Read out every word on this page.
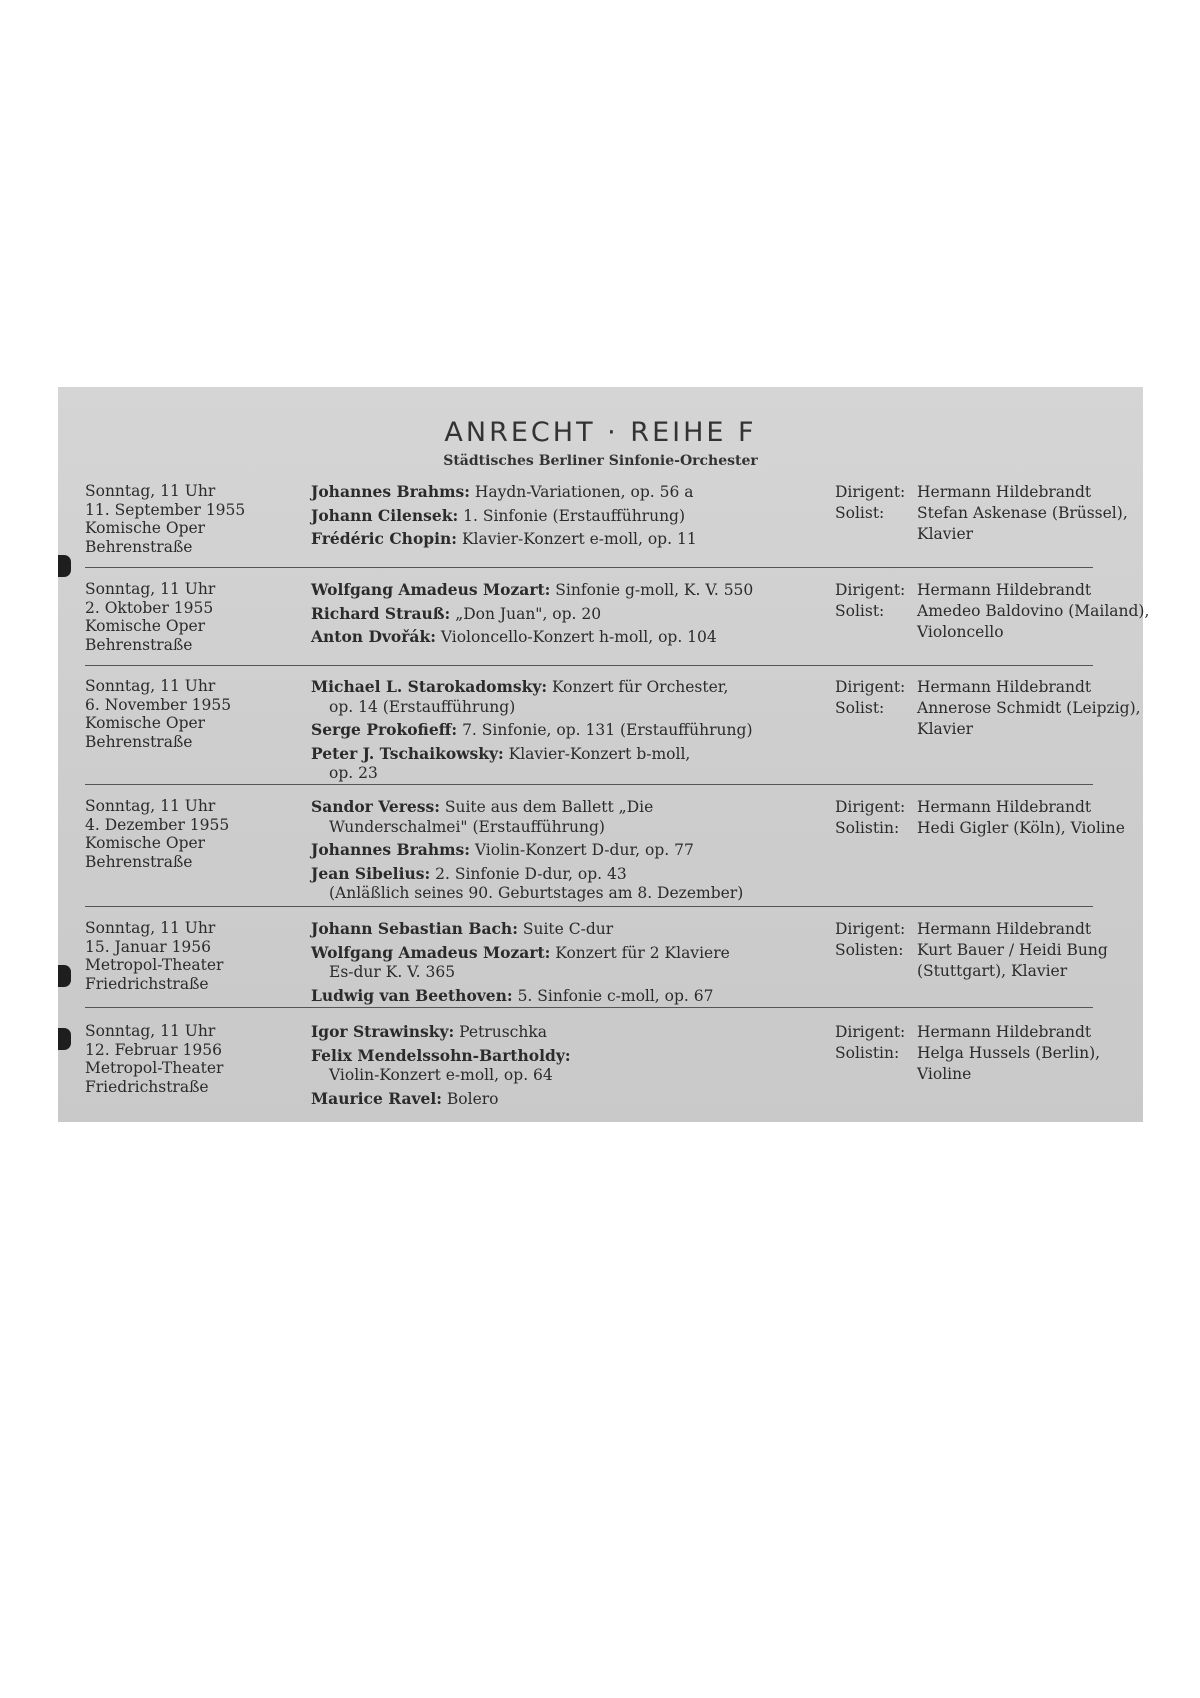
ANRECHT · REIHE F
Städtisches Berliner Sinfonie-Orchester
Sonntag, 11 Uhr
11. September 1955
Komische Oper
Behrenstraße
Johannes Brahms: Haydn-Variationen, op. 56 a
Johann Cilensek: 1. Sinfonie (Erstaufführung)
Frédéric Chopin: Klavier-Konzert e-moll, op. 11
Dirigent: Hermann Hildebrandt
Solist:	Stefan Askenase (Brüssel), Klavier
Sonntag, 11 Uhr
2. Oktober 1955
Komische Oper
Behrenstraße
Wolfgang Amadeus Mozart: Sinfonie g-moll, K. V. 550
Richard Strauß: „Don Juan", op. 20
Anton Dvořák: Violoncello-Konzert h-moll, op. 104
Dirigent: Hermann Hildebrandt
Solist:	Amedeo Baldovino (Mailand), Violoncello
Sonntag, 11 Uhr
6. November 1955
Komische Oper
Behrenstraße
Michael L. Starokadomsky: Konzert für Orchester,
op. 14 (Erstaufführung)
Serge Prokofieff: 7. Sinfonie, op. 131 (Erstaufführung)
Peter J. Tschaikowsky: Klavier-Konzert b-moll,
op. 23
Dirigent: Hermann Hildebrandt
Solist:	Annerose Schmidt (Leipzig), Klavier
Sonntag, 11 Uhr
4. Dezember 1955
Komische Oper
Behrenstraße
Sandor Veress: Suite aus dem Ballett „Die
Wunderschalmei" (Erstaufführung)
Johannes Brahms: Violin-Konzert D-dur, op. 77
Jean Sibelius: 2. Sinfonie D-dur, op. 43
(Anläßlich seines 90. Geburtstages am 8. Dezember)
Dirigent: Hermann Hildebrandt
Solistin:	Hedi Gigler (Köln), Violine
Sonntag, 11 Uhr
15. Januar 1956
Metropol-Theater
Friedrichstraße
Johann Sebastian Bach: Suite C-dur
Wolfgang Amadeus Mozart: Konzert für 2 Klaviere
Es-dur K. V. 365
Ludwig van Beethoven: 5. Sinfonie c-moll, op. 67
Dirigent: Hermann Hildebrandt
Solisten: Kurt Bauer / Heidi Bung (Stuttgart), Klavier
Sonntag, 11 Uhr
12. Februar 1956
Metropol-Theater
Friedrichstraße
Igor Strawinsky: Petruschka
Felix Mendelssohn-Bartholdy:
Violin-Konzert e-moll, op. 64
Maurice Ravel: Bolero
Dirigent: Hermann Hildebrandt
Solistin:	Helga Hussels (Berlin), Violine
